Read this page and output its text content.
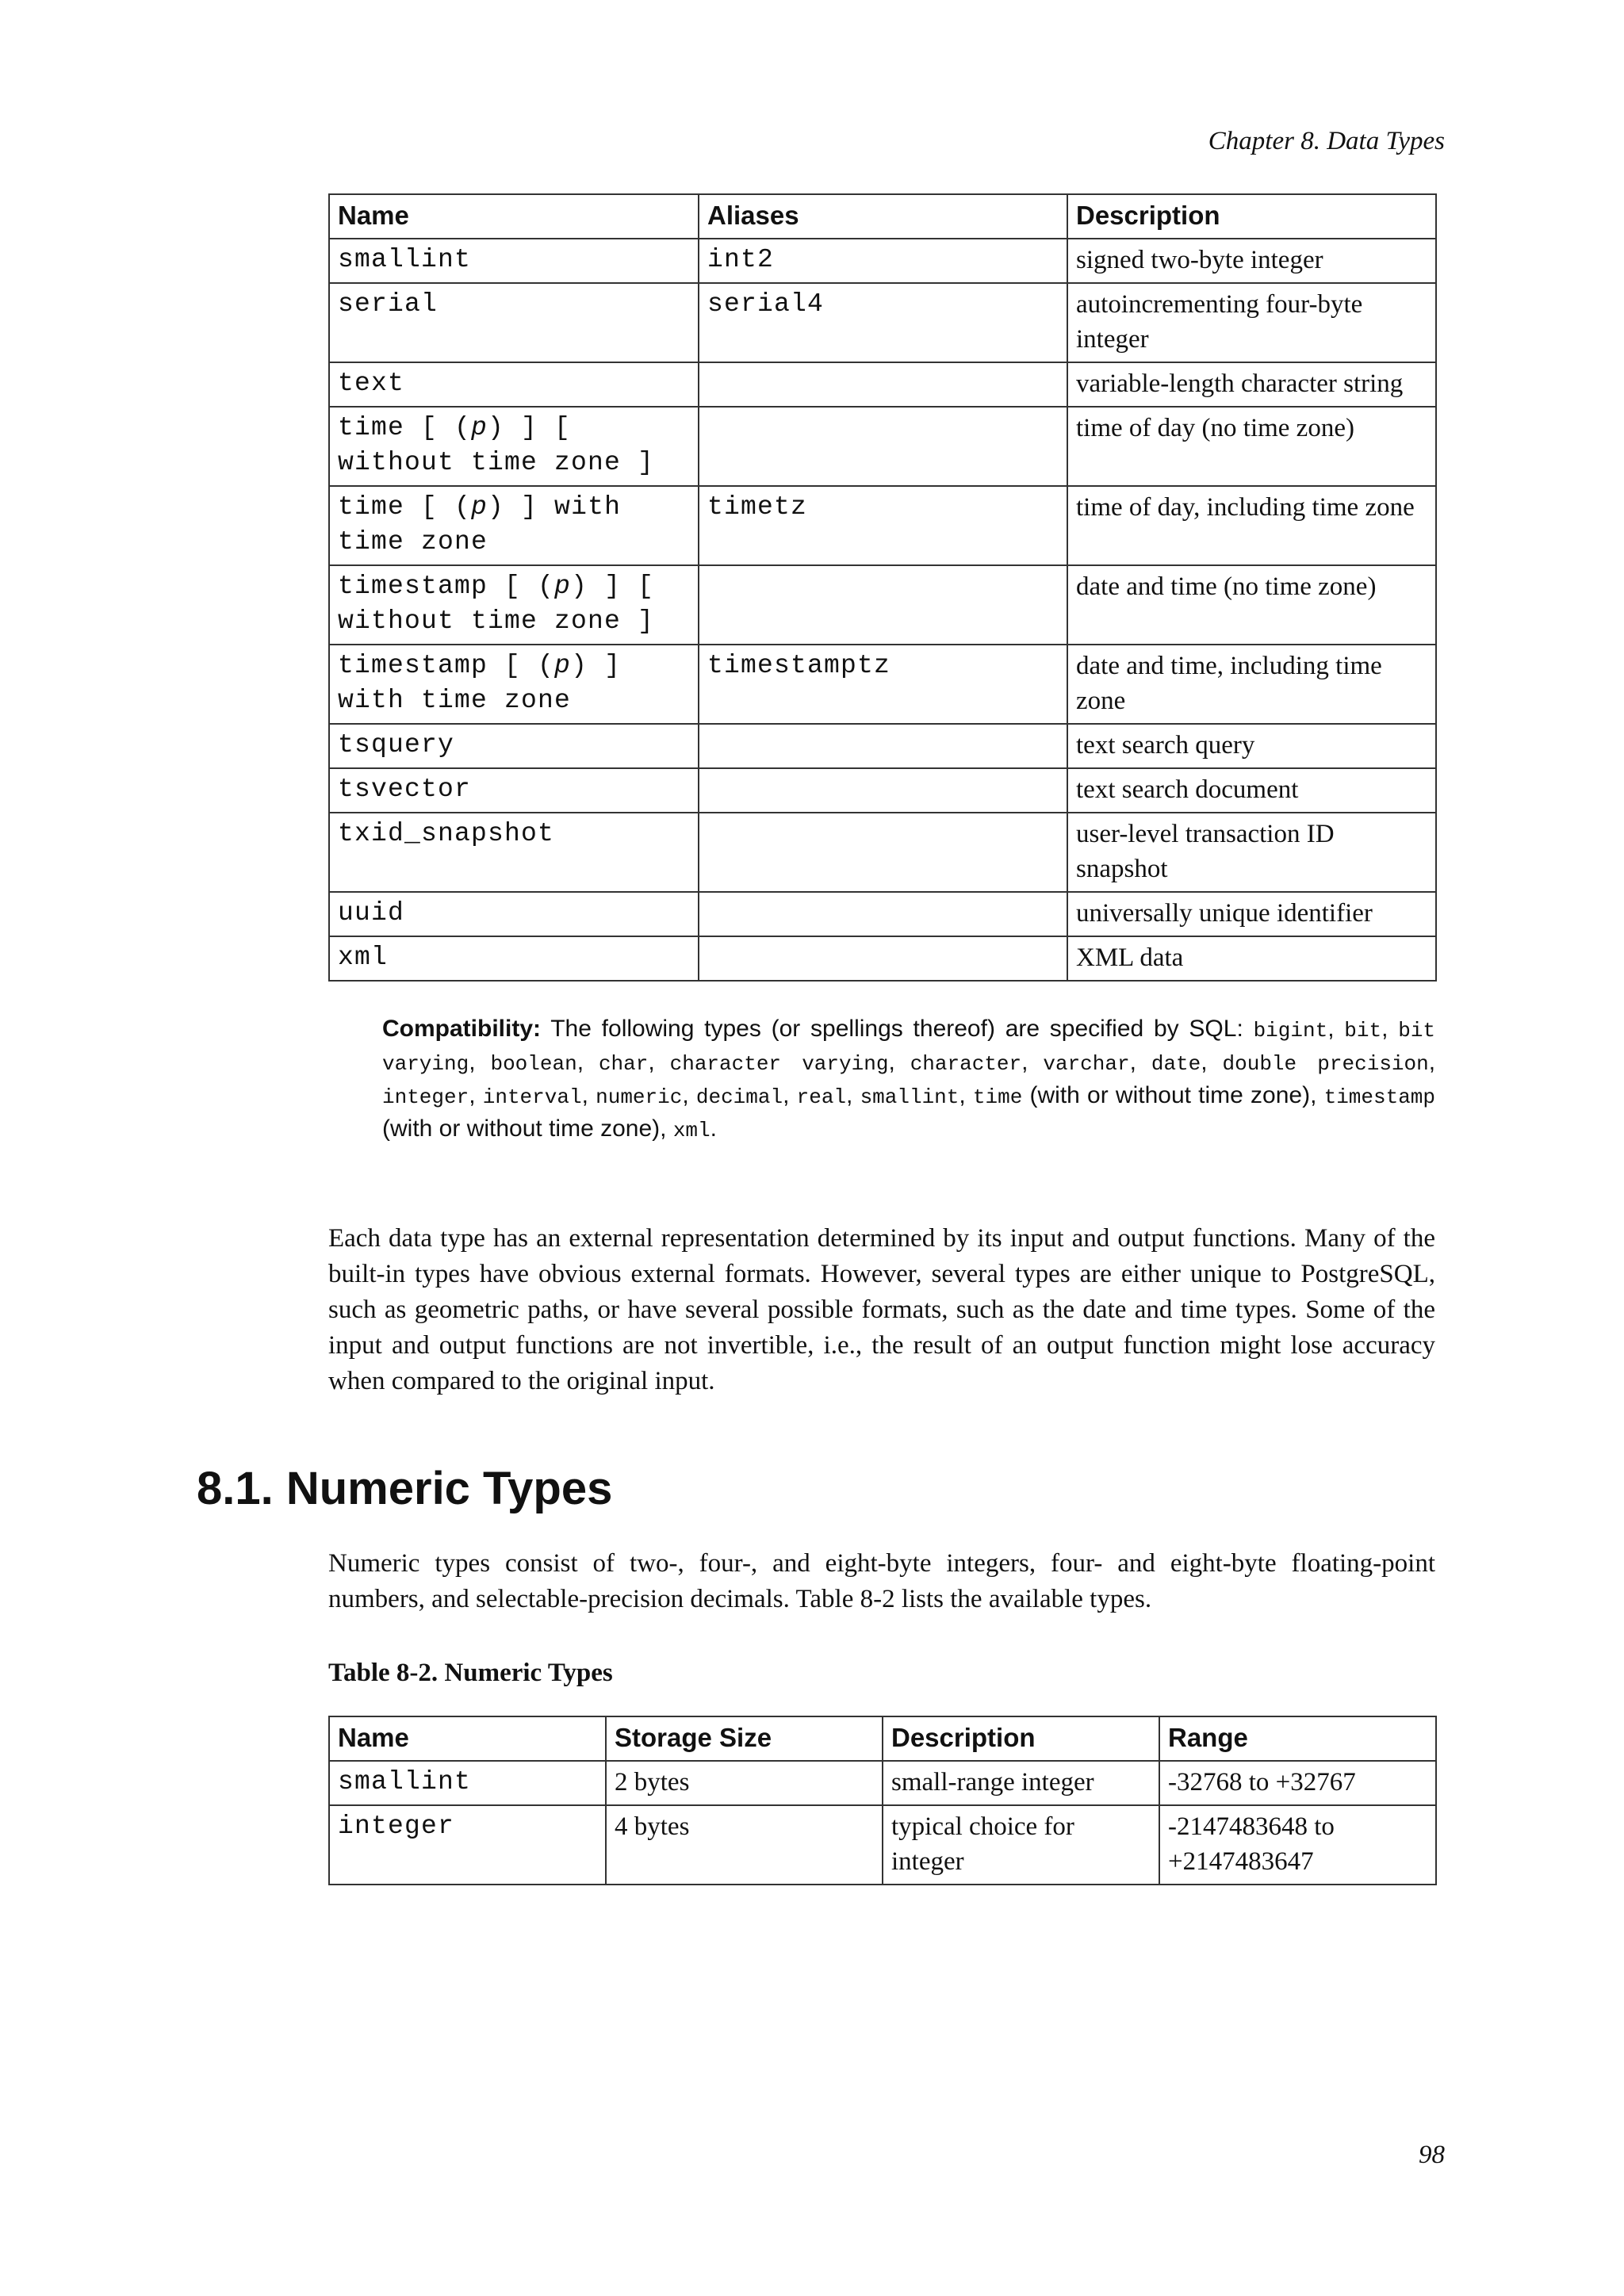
Chapter 8. Data Types
Name	Aliases	Description
smallint	int2	signed two-byte integer
serial	serial4	autoincrementing four-byte integer
text		variable-length character string
time [ (p) ] [ without time zone ]		time of day (no time zone)
time [ (p) ] with time zone	timetz	time of day, including time zone
timestamp [ (p) ] [ without time zone ]		date and time (no time zone)
timestamp [ (p) ] with time zone	timestamptz	date and time, including time zone
tsquery		text search query
tsvector		text search document
txid_snapshot		user-level transaction ID snapshot
uuid		universally unique identifier
xml		XML data
Compatibility: The following types (or spellings thereof) are specified by SQL: bigint, bit, bit varying, boolean, char, character varying, character, varchar, date, double precision, integer, interval, numeric, decimal, real, smallint, time (with or without time zone), timestamp (with or without time zone), xml.

Each data type has an external representation determined by its input and output functions. Many of the built-in types have obvious external formats. However, several types are either unique to PostgreSQL, such as geometric paths, or have several possible formats, such as the date and time types. Some of the input and output functions are not invertible, i.e., the result of an output function might lose accuracy when compared to the original input.

8.1. Numeric Types

Numeric types consist of two-, four-, and eight-byte integers, four- and eight-byte floating-point numbers, and selectable-precision decimals. Table 8-2 lists the available types.

Table 8-2. Numeric Types
Name	Storage Size	Description	Range
smallint	2 bytes	small-range integer	-32768 to +32767
integer	4 bytes	typical choice for integer	-2147483648 to +2147483647
98
